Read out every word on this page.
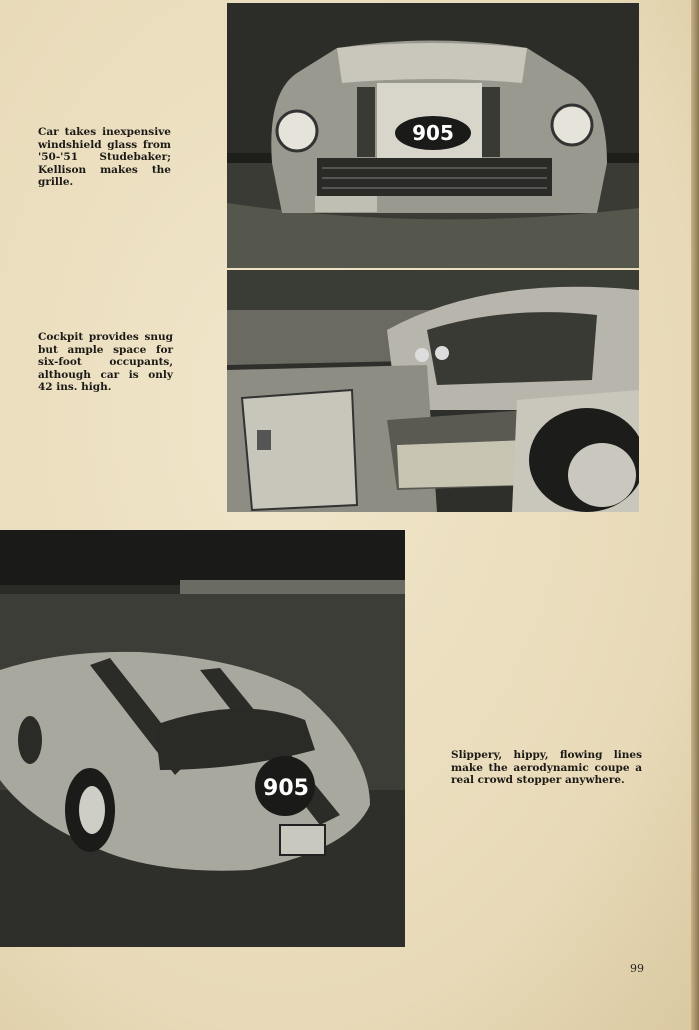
905
905

Car takes inexpensive windshield glass from '50-'51 Studebaker; Kellison makes the grille.

Cockpit provides snug but ample space for six-foot occupants, although car is only 42 ins. high.

Slippery, hippy, flowing lines make the aerodynamic coupe a real crowd stopper anywhere.

99
